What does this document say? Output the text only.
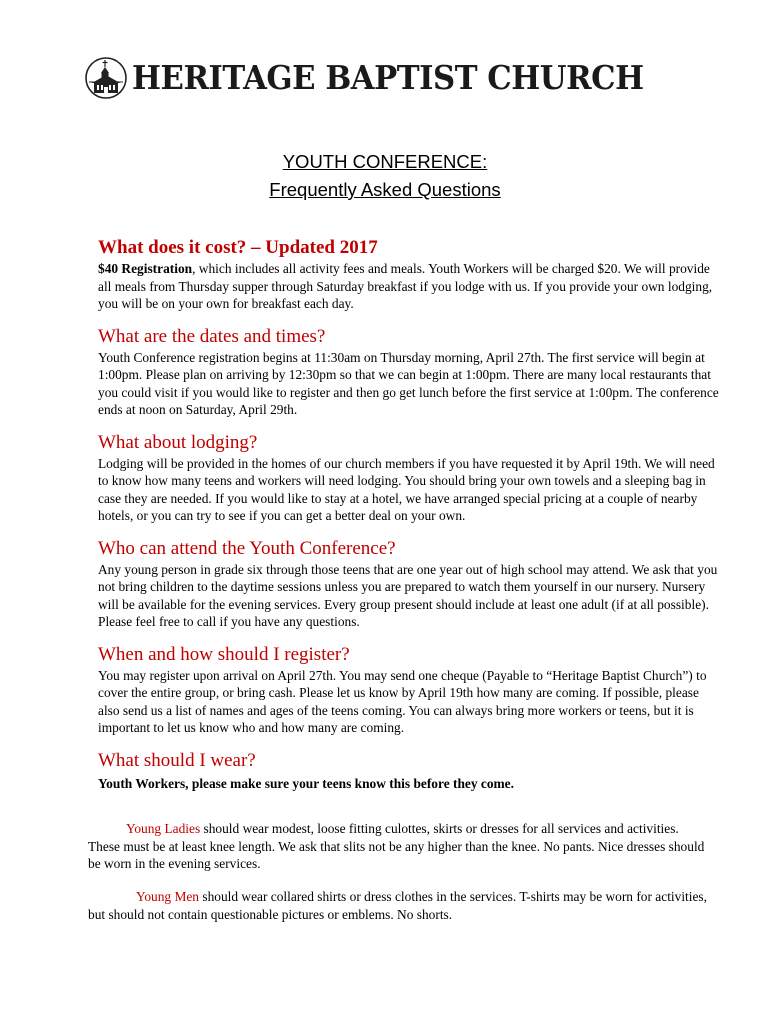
HERITAGE BAPTIST CHURCH
YOUTH CONFERENCE:
Frequently Asked Questions
What does it cost? – Updated 2017

$40 Registration, which includes all activity fees and meals. Youth Workers will be charged $20. We will provide all meals from Thursday supper through Saturday breakfast if you lodge with us. If you provide your own lodging, you will be on your own for breakfast each day.

What are the dates and times?

Youth Conference registration begins at 11:30am on Thursday morning, April 27th. The first service will begin at 1:00pm. Please plan on arriving by 12:30pm so that we can begin at 1:00pm. There are many local restaurants that you could visit if you would like to register and then go get lunch before the first service at 1:00pm. The conference ends at noon on Saturday, April 29th.

What about lodging?

Lodging will be provided in the homes of our church members if you have requested it by April 19th. We will need to know how many teens and workers will need lodging. You should bring your own towels and a sleeping bag in case they are needed. If you would like to stay at a hotel, we have arranged special pricing at a couple of nearby hotels, or you can try to see if you can get a better deal on your own.

Who can attend the Youth Conference?

Any young person in grade six through those teens that are one year out of high school may attend. We ask that you not bring children to the daytime sessions unless you are prepared to watch them yourself in our nursery. Nursery will be available for the evening services. Every group present should include at least one adult (if at all possible). Please feel free to call if you have any questions.

When and how should I register?

You may register upon arrival on April 27th. You may send one cheque (Payable to “Heritage Baptist Church”) to cover the entire group, or bring cash. Please let us know by April 19th how many are coming. If possible, please also send us a list of names and ages of the teens coming. You can always bring more workers or teens, but it is important to let us know who and how many are coming.

What should I wear?

Youth Workers, please make sure your teens know this before they come.

Young Ladies should wear modest, loose fitting culottes, skirts or dresses for all services and activities. These must be at least knee length. We ask that slits not be any higher than the knee. No pants. Nice dresses should be worn in the evening services.

Young Men should wear collared shirts or dress clothes in the services. T-shirts may be worn for activities, but should not contain questionable pictures or emblems. No shorts.
